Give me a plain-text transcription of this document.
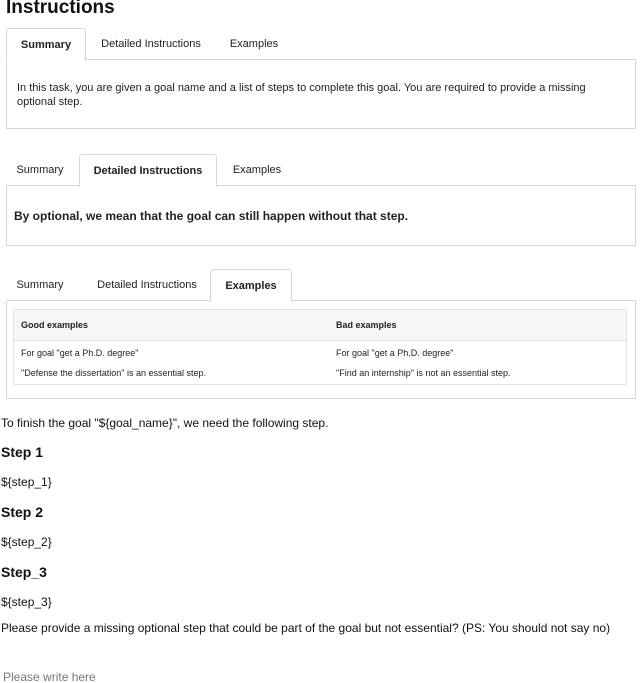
Instructions
Summary	Detailed Instructions	Examples
In this task, you are given a goal name and a list of steps to complete this goal. You are required to provide a missing optional step.
Summary	Detailed Instructions	Examples
By optional, we mean that the goal can still happen without that step.
Summary	Detailed Instructions	Examples
Good examples	Bad examples
For goal "get a Ph.D. degree"	For goal "get a Ph.D. degree"
"Defense the dissertation" is an essential step.	"Find an internship" is not an essential step.
To finish the goal "${goal_name}", we need the following step.
Step 1
${step_1}
Step 2
${step_2}
Step_3
${step_3}
Please provide a missing optional step that could be part of the goal but not essential? (PS: You should not say no)
Please write here
